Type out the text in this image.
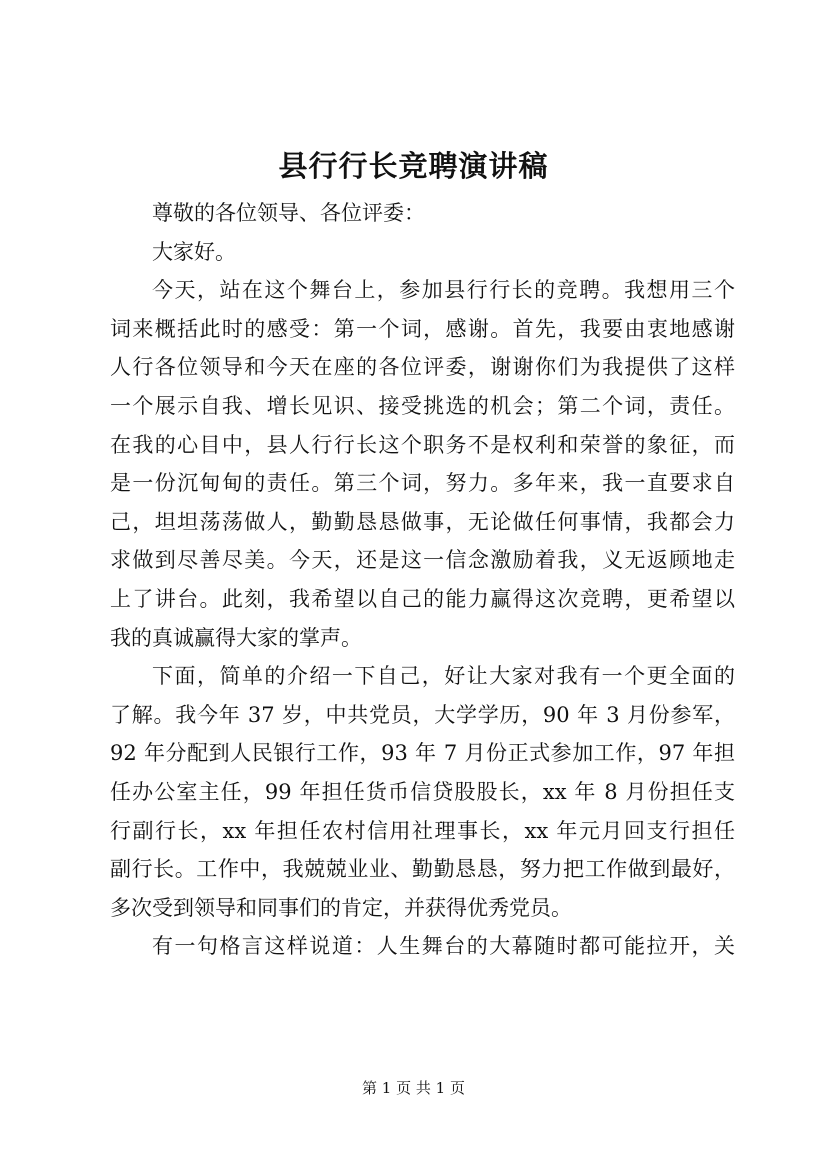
县行行长竞聘演讲稿
尊敬的各位领导、各位评委：
大家好。
今天，站在这个舞台上，参加县行行长的竞聘。我想用三个
词来概括此时的感受：第一个词，感谢。首先，我要由衷地感谢
人行各位领导和今天在座的各位评委，谢谢你们为我提供了这样
一个展示自我、增长见识、接受挑选的机会；第二个词，责任。
在我的心目中，县人行行长这个职务不是权利和荣誉的象征，而
是一份沉甸甸的责任。第三个词，努力。多年来，我一直要求自
己，坦坦荡荡做人，勤勤恳恳做事，无论做任何事情，我都会力
求做到尽善尽美。今天，还是这一信念激励着我，义无返顾地走
上了讲台。此刻，我希望以自己的能力赢得这次竞聘，更希望以
我的真诚赢得大家的掌声。
下面，简单的介绍一下自己，好让大家对我有一个更全面的
了解。我今年 37 岁，中共党员，大学学历，90 年 3 月份参军，
92 年分配到人民银行工作，93 年 7 月份正式参加工作，97 年担
任办公室主任，99 年担任货币信贷股股长，xx 年 8 月份担任支
行副行长，xx 年担任农村信用社理事长，xx 年元月回支行担任
副行长。工作中，我兢兢业业、勤勤恳恳，努力把工作做到最好，
多次受到领导和同事们的肯定，并获得优秀党员。
有一句格言这样说道：人生舞台的大幕随时都可能拉开，关
第 1 页 共 1 页
